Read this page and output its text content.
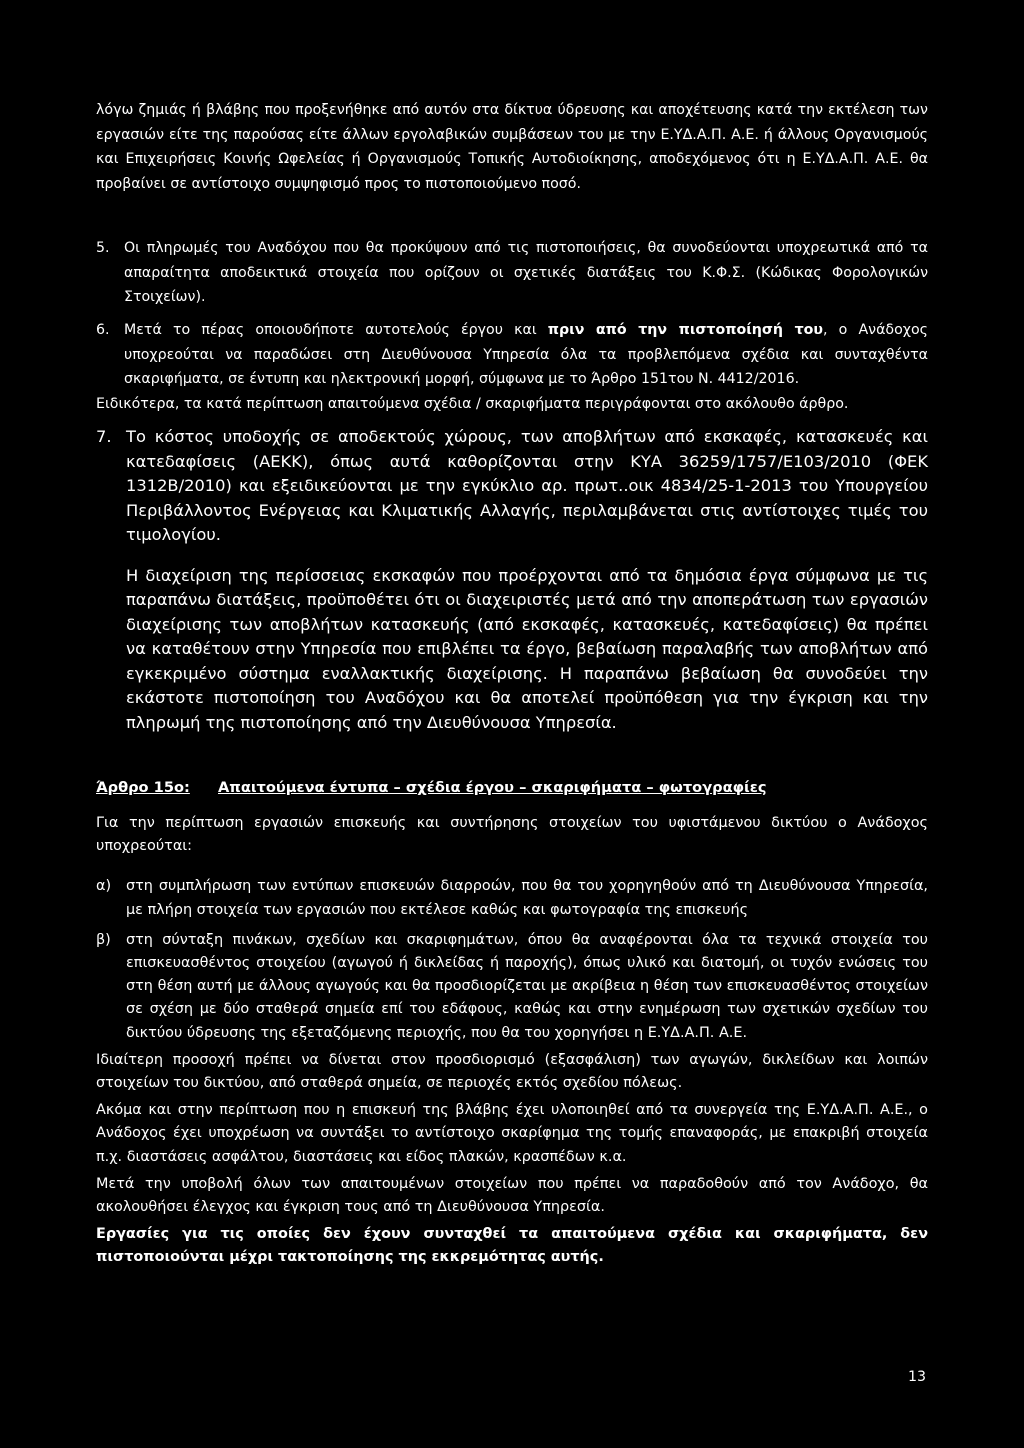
λόγω ζημιάς ή βλάβης που προξενήθηκε από αυτόν στα δίκτυα ύδρευσης και αποχέτευσης κατά την εκτέλεση των εργασιών είτε της παρούσας είτε άλλων εργολαβικών συμβάσεων του με την Ε.ΥΔ.Α.Π. Α.Ε. ή άλλους Οργανισμούς και Επιχειρήσεις Κοινής Ωφελείας ή Οργανισμούς Τοπικής Αυτοδιοίκησης, αποδεχόμενος ότι η Ε.ΥΔ.Α.Π. Α.Ε. θα προβαίνει σε αντίστοιχο συμψηφισμό προς το πιστοποιούμενο ποσό.

5.	Οι πληρωμές του Αναδόχου που θα προκύψουν από τις πιστοποιήσεις, θα συνοδεύονται υποχρεωτικά από τα απαραίτητα αποδεικτικά στοιχεία που ορίζουν οι σχετικές διατάξεις του Κ.Φ.Σ. (Κώδικας Φορολογικών Στοιχείων).
6.	Μετά το πέρας οποιουδήποτε αυτοτελούς έργου και πριν από την πιστοποίησή του, ο Ανάδοχος υποχρεούται να παραδώσει στη Διευθύνουσα Υπηρεσία όλα τα προβλεπόμενα σχέδια και συνταχθέντα σκαριφήματα, σε έντυπη και ηλεκτρονική μορφή, σύμφωνα με το Άρθρο 151του Ν. 4412/2016.

Ειδικότερα, τα κατά περίπτωση απαιτούμενα σχέδια / σκαριφήματα περιγράφονται στο ακόλουθο άρθρο.

7. Το κόστος υποδοχής σε αποδεκτούς χώρους, των αποβλήτων από εκσκαφές, κατασκευές και κατεδαφίσεις (ΑΕΚΚ), όπως αυτά καθορίζονται στην ΚΥΑ 36259/1757/Ε103/2010 (ΦΕΚ 1312Β/2010) και εξειδικεύονται με την εγκύκλιο αρ. πρωτ..οικ 4834/25-1-2013 του Υπουργείου Περιβάλλοντος Ενέργειας και Κλιματικής Αλλαγής, περιλαμβάνεται στις αντίστοιχες τιμές του τιμολογίου.

Η διαχείριση της περίσσειας εκσκαφών που προέρχονται από τα δημόσια έργα σύμφωνα με τις παραπάνω διατάξεις, προϋποθέτει ότι οι διαχειριστές μετά από την αποπεράτωση των εργασιών διαχείρισης των αποβλήτων κατασκευής (από εκσκαφές, κατασκευές, κατεδαφίσεις) θα πρέπει να καταθέτουν στην Υπηρεσία που επιβλέπει τα έργο, βεβαίωση παραλαβής των αποβλήτων από εγκεκριμένο σύστημα εναλλακτικής διαχείρισης. Η παραπάνω βεβαίωση θα συνοδεύει την εκάστοτε πιστοποίηση του Αναδόχου και θα αποτελεί προϋπόθεση για την έγκριση και την πληρωμή της πιστοποίησης από την Διευθύνουσα Υπηρεσία.

Άρθρο 15ο:	Απαιτούμενα έντυπα – σχέδια έργου – σκαριφήματα – φωτογραφίες

Για την περίπτωση εργασιών επισκευής και συντήρησης στοιχείων του υφιστάμενου δικτύου ο Ανάδοχος υποχρεούται:

α)	στη συμπλήρωση των εντύπων επισκευών διαρροών, που θα του χορηγηθούν από τη Διευθύνουσα Υπηρεσία, με πλήρη στοιχεία των εργασιών που εκτέλεσε καθώς και φωτογραφία της επισκευής
β)	στη σύνταξη πινάκων, σχεδίων και σκαριφημάτων, όπου θα αναφέρονται όλα τα τεχνικά στοιχεία του επισκευασθέντος στοιχείου (αγωγού ή δικλείδας ή παροχής), όπως υλικό και διατομή, οι τυχόν ενώσεις του στη θέση αυτή με άλλους αγωγούς και θα προσδιορίζεται με ακρίβεια η θέση των επισκευασθέντος στοιχείων σε σχέση με δύο σταθερά σημεία επί του εδάφους, καθώς και στην ενημέρωση των σχετικών σχεδίων του δικτύου ύδρευσης της εξεταζόμενης περιοχής, που θα του χορηγήσει η Ε.ΥΔ.Α.Π. Α.Ε.

Ιδιαίτερη προσοχή πρέπει να δίνεται στον προσδιορισμό (εξασφάλιση) των αγωγών, δικλείδων και λοιπών στοιχείων του δικτύου, από σταθερά σημεία, σε περιοχές εκτός σχεδίου πόλεως.

Ακόμα και στην περίπτωση που η επισκευή της βλάβης έχει υλοποιηθεί από τα συνεργεία της Ε.ΥΔ.Α.Π. Α.Ε., ο Ανάδοχος έχει υποχρέωση να συντάξει το αντίστοιχο σκαρίφημα της τομής επαναφοράς, με επακριβή στοιχεία π.χ. διαστάσεις ασφάλτου, διαστάσεις και είδος πλακών, κρασπέδων κ.α.

Μετά την υποβολή όλων των απαιτουμένων στοιχείων που πρέπει να παραδοθούν από τον Ανάδοχο, θα ακολουθήσει έλεγχος και έγκριση τους από τη Διευθύνουσα Υπηρεσία.

Εργασίες για τις οποίες δεν έχουν συνταχθεί τα απαιτούμενα σχέδια και σκαριφήματα, δεν πιστοποιούνται μέχρι τακτοποίησης της εκκρεμότητας αυτής.

13
